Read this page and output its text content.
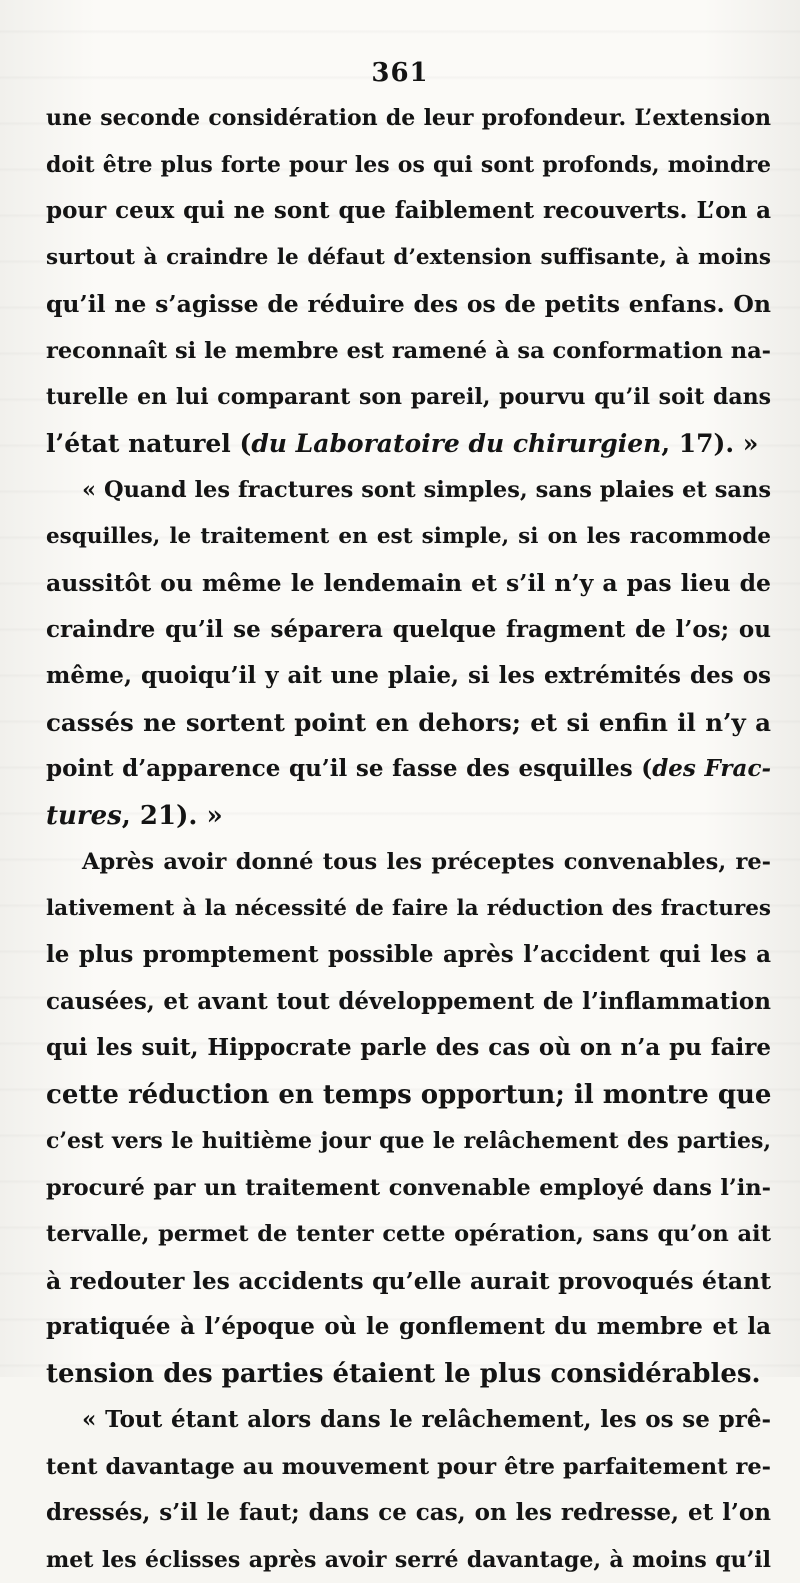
361
une seconde considération de leur profondeur. L’extension
doit être plus forte pour les os qui sont profonds, moindre
pour ceux qui ne sont que faiblement recouverts. L’on a
surtout à craindre le défaut d’extension suffisante, à moins
qu’il ne s’agisse de réduire des os de petits enfans. On
reconnaît si le membre est ramené à sa conformation na-
turelle en lui comparant son pareil, pourvu qu’il soit dans
l’état naturel (du Laboratoire du chirurgien, 17). »
« Quand les fractures sont simples, sans plaies et sans
esquilles, le traitement en est simple, si on les racommode
aussitôt ou même le lendemain et s’il n’y a pas lieu de
craindre qu’il se séparera quelque fragment de l’os; ou
même, quoiqu’il y ait une plaie, si les extrémités des os
cassés ne sortent point en dehors; et si enfin il n’y a
point d’apparence qu’il se fasse des esquilles (des Frac-
tures, 21). »
Après avoir donné tous les préceptes convenables, re-
lativement à la nécessité de faire la réduction des fractures
le plus promptement possible après l’accident qui les a
causées, et avant tout développement de l’inflammation
qui les suit, Hippocrate parle des cas où on n’a pu faire
cette réduction en temps opportun; il montre que
c’est vers le huitième jour que le relâchement des parties,
procuré par un traitement convenable employé dans l’in-
tervalle, permet de tenter cette opération, sans qu’on ait
à redouter les accidents qu’elle aurait provoqués étant
pratiquée à l’époque où le gonflement du membre et la
tension des parties étaient le plus considérables.
« Tout étant alors dans le relâchement, les os se prê-
tent davantage au mouvement pour être parfaitement re-
dressés, s’il le faut; dans ce cas, on les redresse, et l’on
met les éclisses après avoir serré davantage, à moins qu’il
